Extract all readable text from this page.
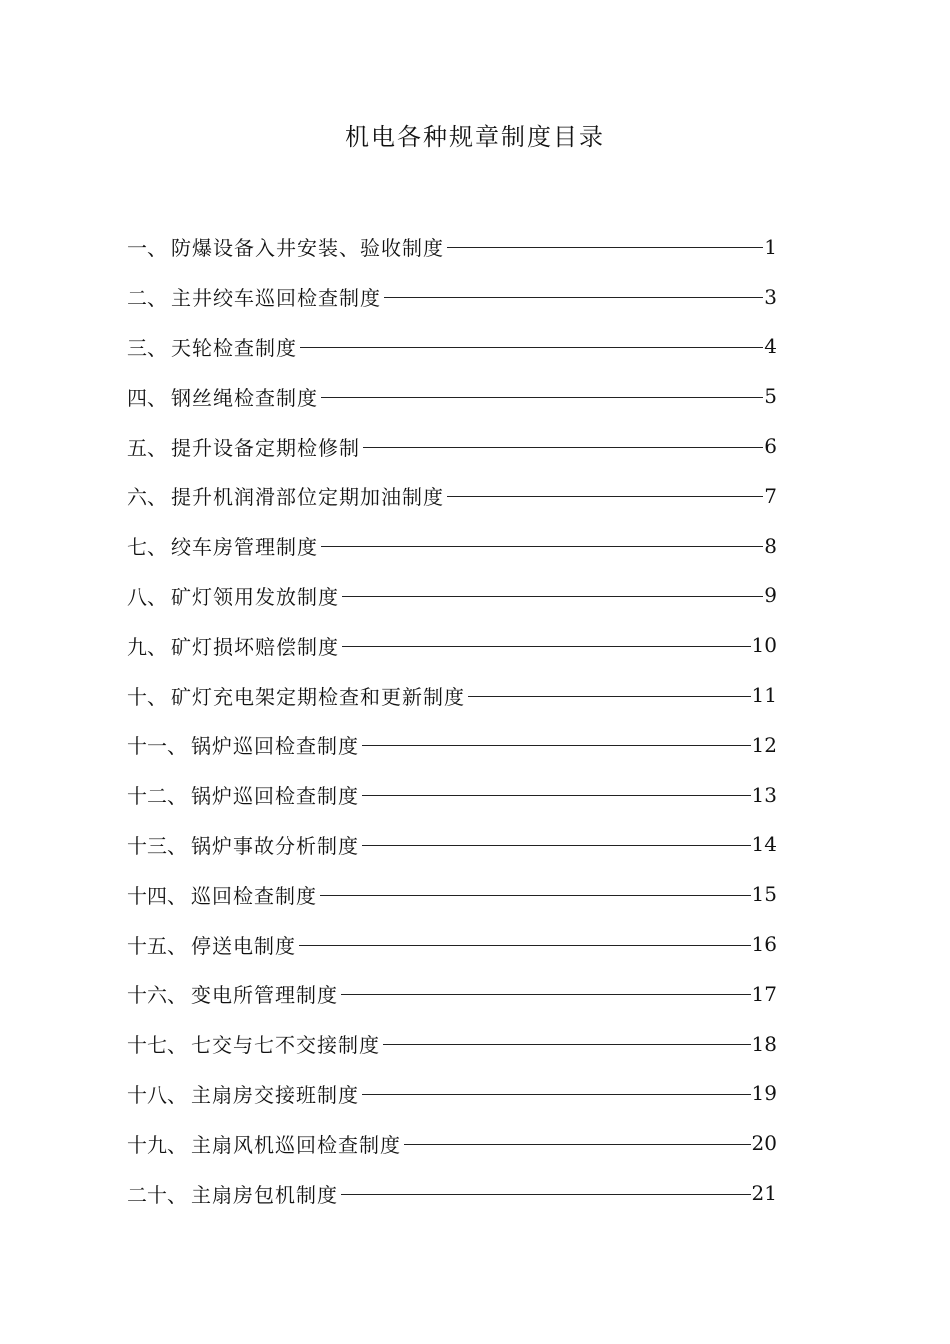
机电各种规章制度目录
一 、 防爆设备入井安装、验收制度	1
二 、 主井绞车巡回检查制度	3
三 、 天轮检查制度	4
四 、 钢丝绳检查制度	5
五 、 提升设备定期检修制	6
六 、 提升机润滑部位定期加油制度	7
七 、 绞车房管理制度	8
八 、 矿灯领用发放制度	9
九 、 矿灯损坏赔偿制度	10
十 、 矿灯充电架定期检查和更新制度	11
十一 、 锅炉巡回检查制度	12
十二 、 锅炉巡回检查制度	13
十三 、 锅炉事故分析制度	14
十四 、 巡回检查制度	15
十五 、 停送电制度	16
十六 、 变电所管理制度	17
十七 、 七交与七不交接制度	18
十八 、 主扇房交接班制度	19
十九 、 主扇风机巡回检查制度	20
二十 、 主扇房包机制度	21
